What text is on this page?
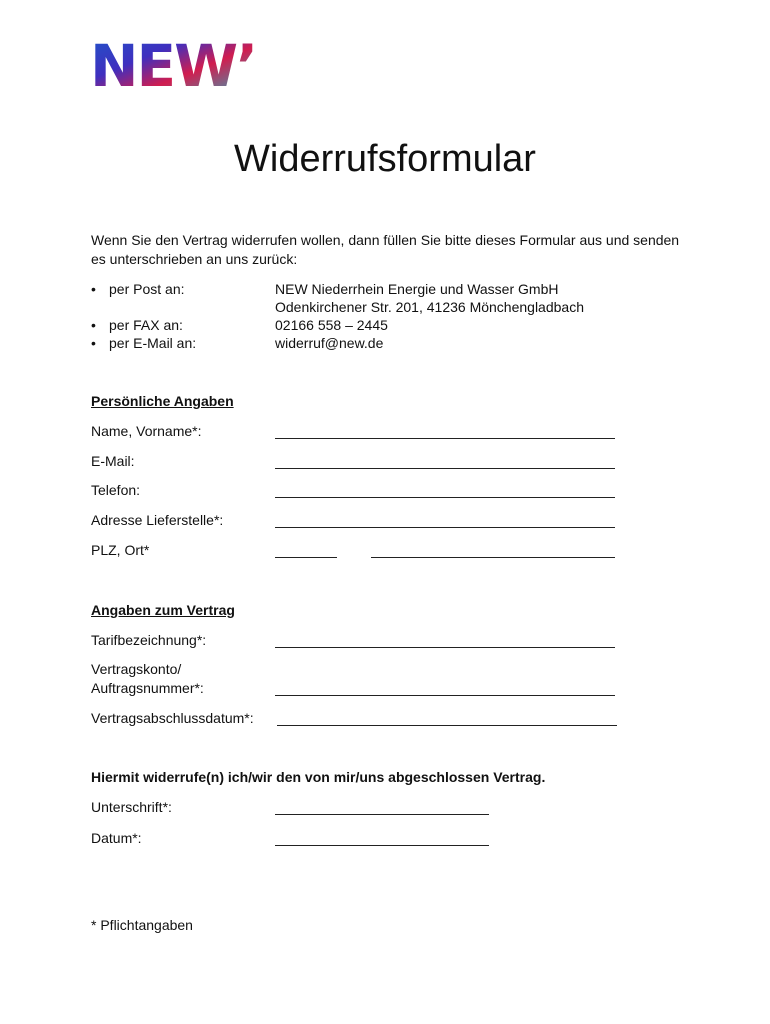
NEW’
Widerrufsformular
Wenn Sie den Vertrag widerrufen wollen, dann füllen Sie bitte dieses Formular aus und senden es unterschrieben an uns zurück:
• per Post an:	NEW Niederrhein Energie und Wasser GmbH
Odenkirchener Str. 201, 41236 Mönchengladbach
• per FAX an:	02166 558 – 2445
• per E-Mail an:	widerruf@new.de
Persönliche Angaben
Name, Vorname*:
E-Mail:
Telefon:
Adresse Lieferstelle*:
PLZ, Ort*
Angaben zum Vertrag
Tarifbezeichnung*:
Vertragskonto/
Auftragsnummer*:
Vertragsabschlussdatum*:
Hiermit widerrufe(n) ich/wir den von mir/uns abgeschlossen Vertrag.
Unterschrift*:
Datum*:
* Pflichtangaben
